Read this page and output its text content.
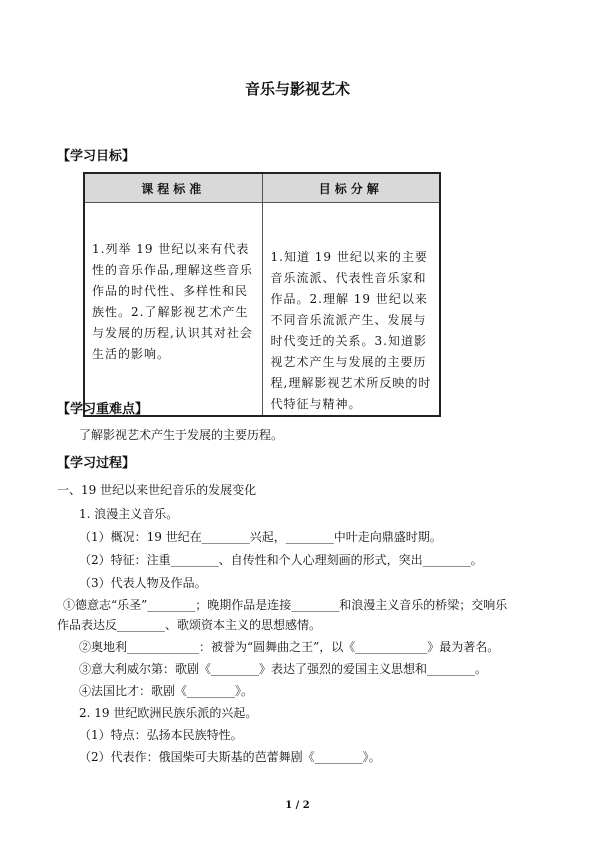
音乐与影视艺术
【学习目标】
课程标准	目标分解

1.列举 19 世纪以来有代表性的音乐作品,理解这些音乐作品的时代性、多样性和民族性。2.了解影视艺术产生与发展的历程,认识其对社会生活的影响。	1.知道 19 世纪以来的主要音乐流派、代表性音乐家和作品。2.理解 19 世纪以来不同音乐流派产生、发展与时代变迁的关系。3.知道影视艺术产生与发展的主要历程,理解影视艺术所反映的时代特征与精神。
【学习重难点】
了解影视艺术产生于发展的主要历程。
【学习过程】
一、19 世纪以来世纪音乐的发展变化
1. 浪漫主义音乐。
（1）概况：19 世纪在________兴起，________中叶走向鼎盛时期。
（2）特征：注重________、自传性和个人心理刻画的形式，突出________。
（3）代表人物及作品。
①德意志“乐圣”________；晚期作品是连接________和浪漫主义音乐的桥梁；交响乐
作品表达反________、歌颂资本主义的思想感情。
②奥地利____________：被誉为“圆舞曲之王”，以《____________》最为著名。
③意大利威尔第：歌剧《________》表达了强烈的爱国主义思想和________。
④法国比才：歌剧《________》。
2. 19 世纪欧洲民族乐派的兴起。
（1）特点：弘扬本民族特性。
（2）代表作：俄国柴可夫斯基的芭蕾舞剧《________》。
1 / 2
